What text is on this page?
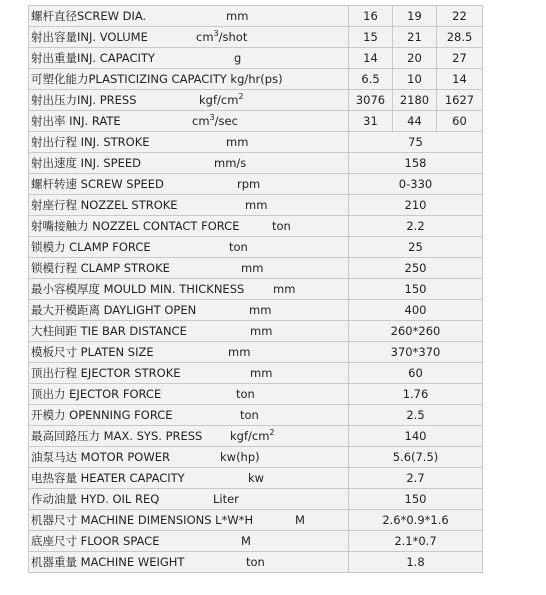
螺杆直径SCREW DIA. mm	16	19	22

射出容量INJ. VOLUME $cm^3$/shot	15	21	28.5

射出重量INJ. CAPACITY g	14	20	27

可塑化能力PLASTICIZING CAPACITY kg/hr(ps)	6.5	10	14

射出压力INJ. PRESS kgf/$cm^2$	3076	2180	1627

射出率 INJ. RATE $cm^3/\sec$	31	44	60

射出行程 INJ. STROKE mm	75		

射出速度 INJ. SPEED mm/s	158		

螺杆转速 SCREW SPEED rpm	0-330		

射座行程 NOZZEL STROKE mm	210		

射嘴接触力 NOZZEL CONTACT FORCE ton	2.2		

锁模力 CLAMP FORCE ton	25		

锁模行程 CLAMP STROKE mm	250		

最小容模厚度 MOULD MIN. THICKNESS mm	150		

最大开模距离 DAYLIGHT OPEN mm	400		

大柱间距 TIE BAR DISTANCE mm	260*260		

模板尺寸 PLATEN SIZE mm	370*370		

顶出行程 EJECTOR STROKE mm	60		

顶出力 EJECTOR FORCE ton	1.76		

开模力 OPENNING FORCE ton	2.5		

最高回路压力 MAX. SYS. PRESS kgf/$cm^2$	140		

油泵马达 MOTOR POWER kw(hp)	5.6(7.5)		

电热容量 HEATER CAPACITY kw	2.7		

作动油量 HYD. OIL REQ Liter	150		

机器尺寸 MACHINE DIMENSIONS L*W*H M	2.6*0.9*1.6		

底座尺寸 FLOOR SPACE M	2.1*0.7		

机器重量 MACHINE WEIGHT ton	1.8		
